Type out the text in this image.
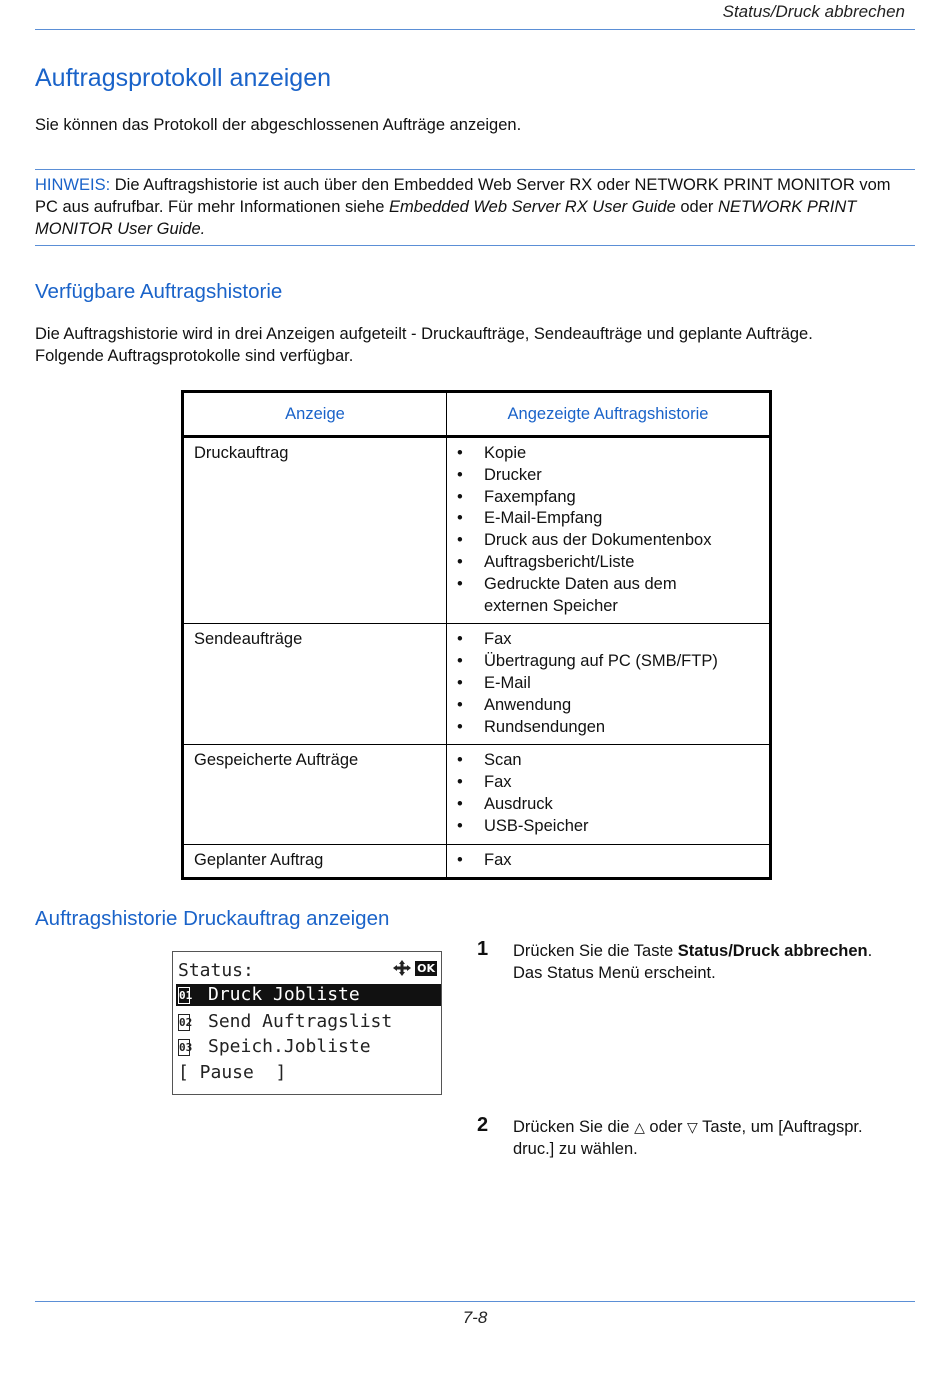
Status/Druck abbrechen
Auftragsprotokoll anzeigen

Sie können das Protokoll der abgeschlossenen Aufträge anzeigen.

HINWEIS: Die Auftragshistorie ist auch über den Embedded Web Server RX oder NETWORK PRINT MONITOR vom PC aus aufrufbar. Für mehr Informationen siehe Embedded Web Server RX User Guide oder NETWORK PRINT MONITOR User Guide.
Verfügbare Auftragshistorie
Die Auftragshistorie wird in drei Anzeigen aufgeteilt - Druckaufträge, Sendeaufträge und geplante Aufträge.
Folgende Auftragsprotokolle sind verfügbar.
Anzeige	Angezeigte Auftragshistorie
Druckauftrag	•	Kopie
•	Drucker
•	Faxempfang
•	E-Mail-Empfang
•	Druck aus der Dokumentenbox
•	Auftragsbericht/Liste
•	Gedruckte Daten aus dem
externen Speicher
Sendeaufträge	•	Fax
•	Übertragung auf PC (SMB/FTP)
•	E-Mail
•	Anwendung
•	Rundsendungen
Gespeicherte Aufträge	•	Scan
•	Fax
•	Ausdruck
•	USB-Speicher
Geplanter Auftrag	•	Fax
Auftragshistorie Druckauftrag anzeigen
Status:	OK
01 Druck Jobliste
02 Send Auftragslist
03 Speich.Jobliste
[ Pause  ]
1 Drücken Sie die Taste Status/Druck abbrechen.
Das Status Menü erscheint.
2 Drücken Sie die △ oder ▽ Taste, um [Auftragspr.
druc.] zu wählen.
7-8
